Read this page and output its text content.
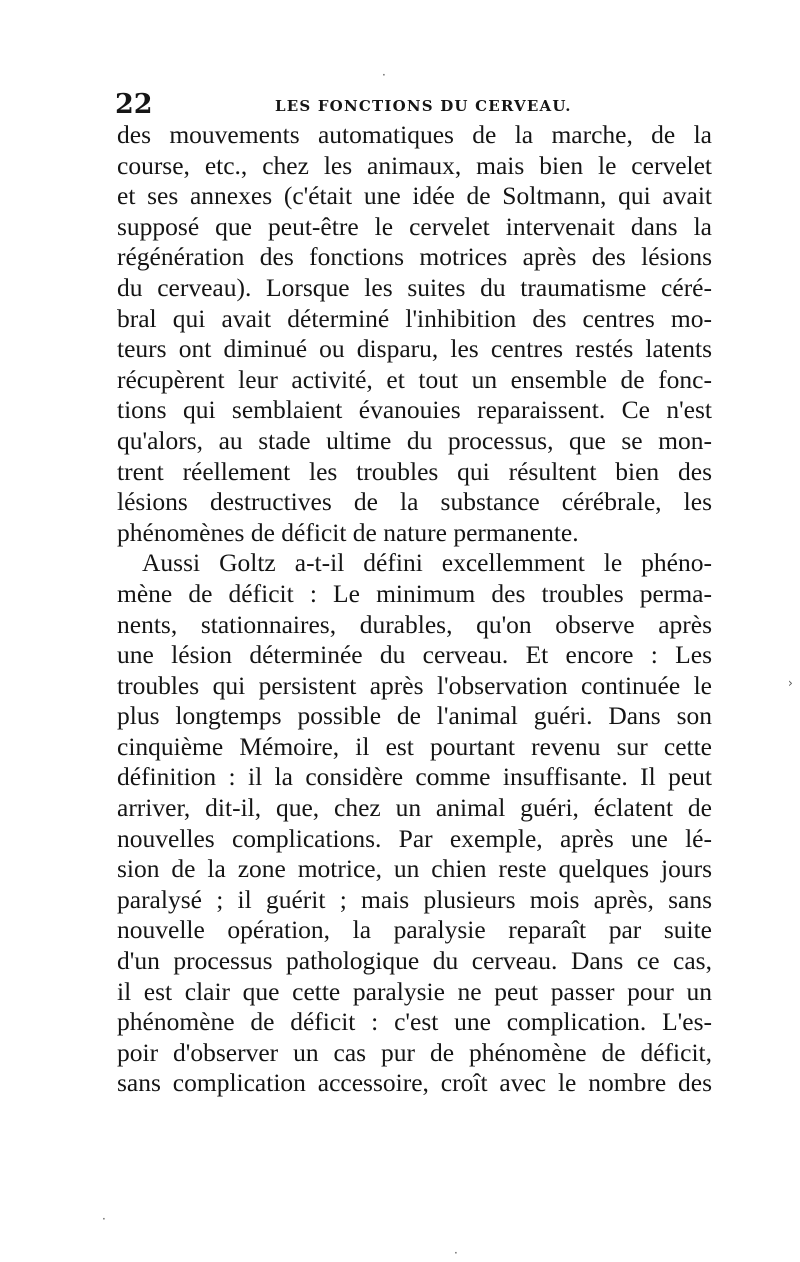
22	LES FONCTIONS DU CERVEAU.
des mouvements automatiques de la marche, de la
course, etc., chez les animaux, mais bien le cervelet
et ses annexes (c'était une idée de Soltmann, qui avait
supposé que peut-être le cervelet intervenait dans la
régénération des fonctions motrices après des lésions
du cerveau). Lorsque les suites du traumatisme céré-
bral qui avait déterminé l'inhibition des centres mo-
teurs ont diminué ou disparu, les centres restés latents
récupèrent leur activité, et tout un ensemble de fonc-
tions qui semblaient évanouies reparaissent. Ce n'est
qu'alors, au stade ultime du processus, que se mon-
trent réellement les troubles qui résultent bien des
lésions destructives de la substance cérébrale, les
phénomènes de déficit de nature permanente.
Aussi Goltz a-t-il défini excellemment le phéno-
mène de déficit : Le minimum des troubles perma-
nents, stationnaires, durables, qu'on observe après
une lésion déterminée du cerveau. Et encore : Les
troubles qui persistent après l'observation continuée le
plus longtemps possible de l'animal guéri. Dans son
cinquième Mémoire, il est pourtant revenu sur cette
définition : il la considère comme insuffisante. Il peut
arriver, dit-il, que, chez un animal guéri, éclatent de
nouvelles complications. Par exemple, après une lé-
sion de la zone motrice, un chien reste quelques jours
paralysé ; il guérit ; mais plusieurs mois après, sans
nouvelle opération, la paralysie reparaît par suite
d'un processus pathologique du cerveau. Dans ce cas,
il est clair que cette paralysie ne peut passer pour un
phénomène de déficit : c'est une complication. L'es-
poir d'observer un cas pur de phénomène de déficit,
sans complication accessoire, croît avec le nombre des
·
›
·
·
